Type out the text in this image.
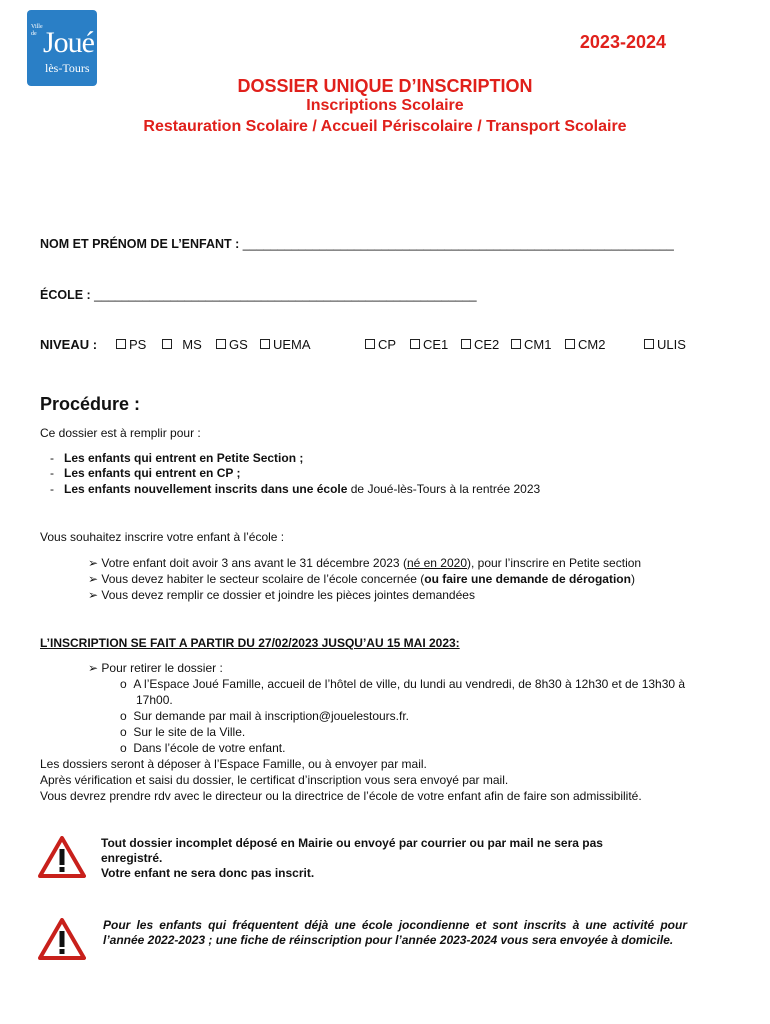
Ville
de Joué
lès-Tours
2023-2024
DOSSIER UNIQUE D’INSCRIPTION
Inscriptions Scolaire
Restauration Scolaire / Accueil Périscolaire / Transport Scolaire
NOM ET PRÉNOM DE L’ENFANT : ______________________________________________________________
ÉCOLE : _______________________________________________________
NIVEAU :	PS	MS	GS	UEMA	CP	CE1	CE2	CM1	CM2	ULIS
Procédure :
Ce dossier est à remplir pour :
-   Les enfants qui entrent en Petite Section ;
-   Les enfants qui entrent en CP ;
-   Les enfants nouvellement inscrits dans une école de Joué-lès-Tours à la rentrée 2023
Vous souhaitez inscrire votre enfant à l’école :
➢ Votre enfant doit avoir 3 ans avant le 31 décembre 2023 (né en 2020), pour l’inscrire en Petite section
➢ Vous devez habiter le secteur scolaire de l’école concernée (ou faire une demande de dérogation)
➢ Vous devez remplir ce dossier et joindre les pièces jointes demandées
L’INSCRIPTION SE FAIT A PARTIR DU 27/02/2023 JUSQU’AU 15 MAI 2023:
➢ Pour retirer le dossier :
o A l’Espace Joué Famille, accueil de l’hôtel de ville, du lundi au vendredi, de 8h30 à 12h30 et de 13h30 à
17h00.
o Sur demande par mail à inscription@jouelestours.fr.
o Sur le site de la Ville.
o Dans l’école de votre enfant.
Les dossiers seront à déposer à l’Espace Famille, ou à envoyer par mail.
Après vérification et saisi du dossier, le certificat d’inscription vous sera envoyé par mail.
Vous devrez prendre rdv avec le directeur ou la directrice de l’école de votre enfant afin de faire son admissibilité.
Tout dossier incomplet déposé en Mairie ou envoyé par courrier ou par mail ne sera pas
enregistré.
Votre enfant ne sera donc pas inscrit.
Pour les enfants qui fréquentent déjà une école jocondienne et sont inscrits à une activité pour l’année 2022-2023 ; une fiche de réinscription pour l’année 2023-2024 vous sera envoyée à domicile.
